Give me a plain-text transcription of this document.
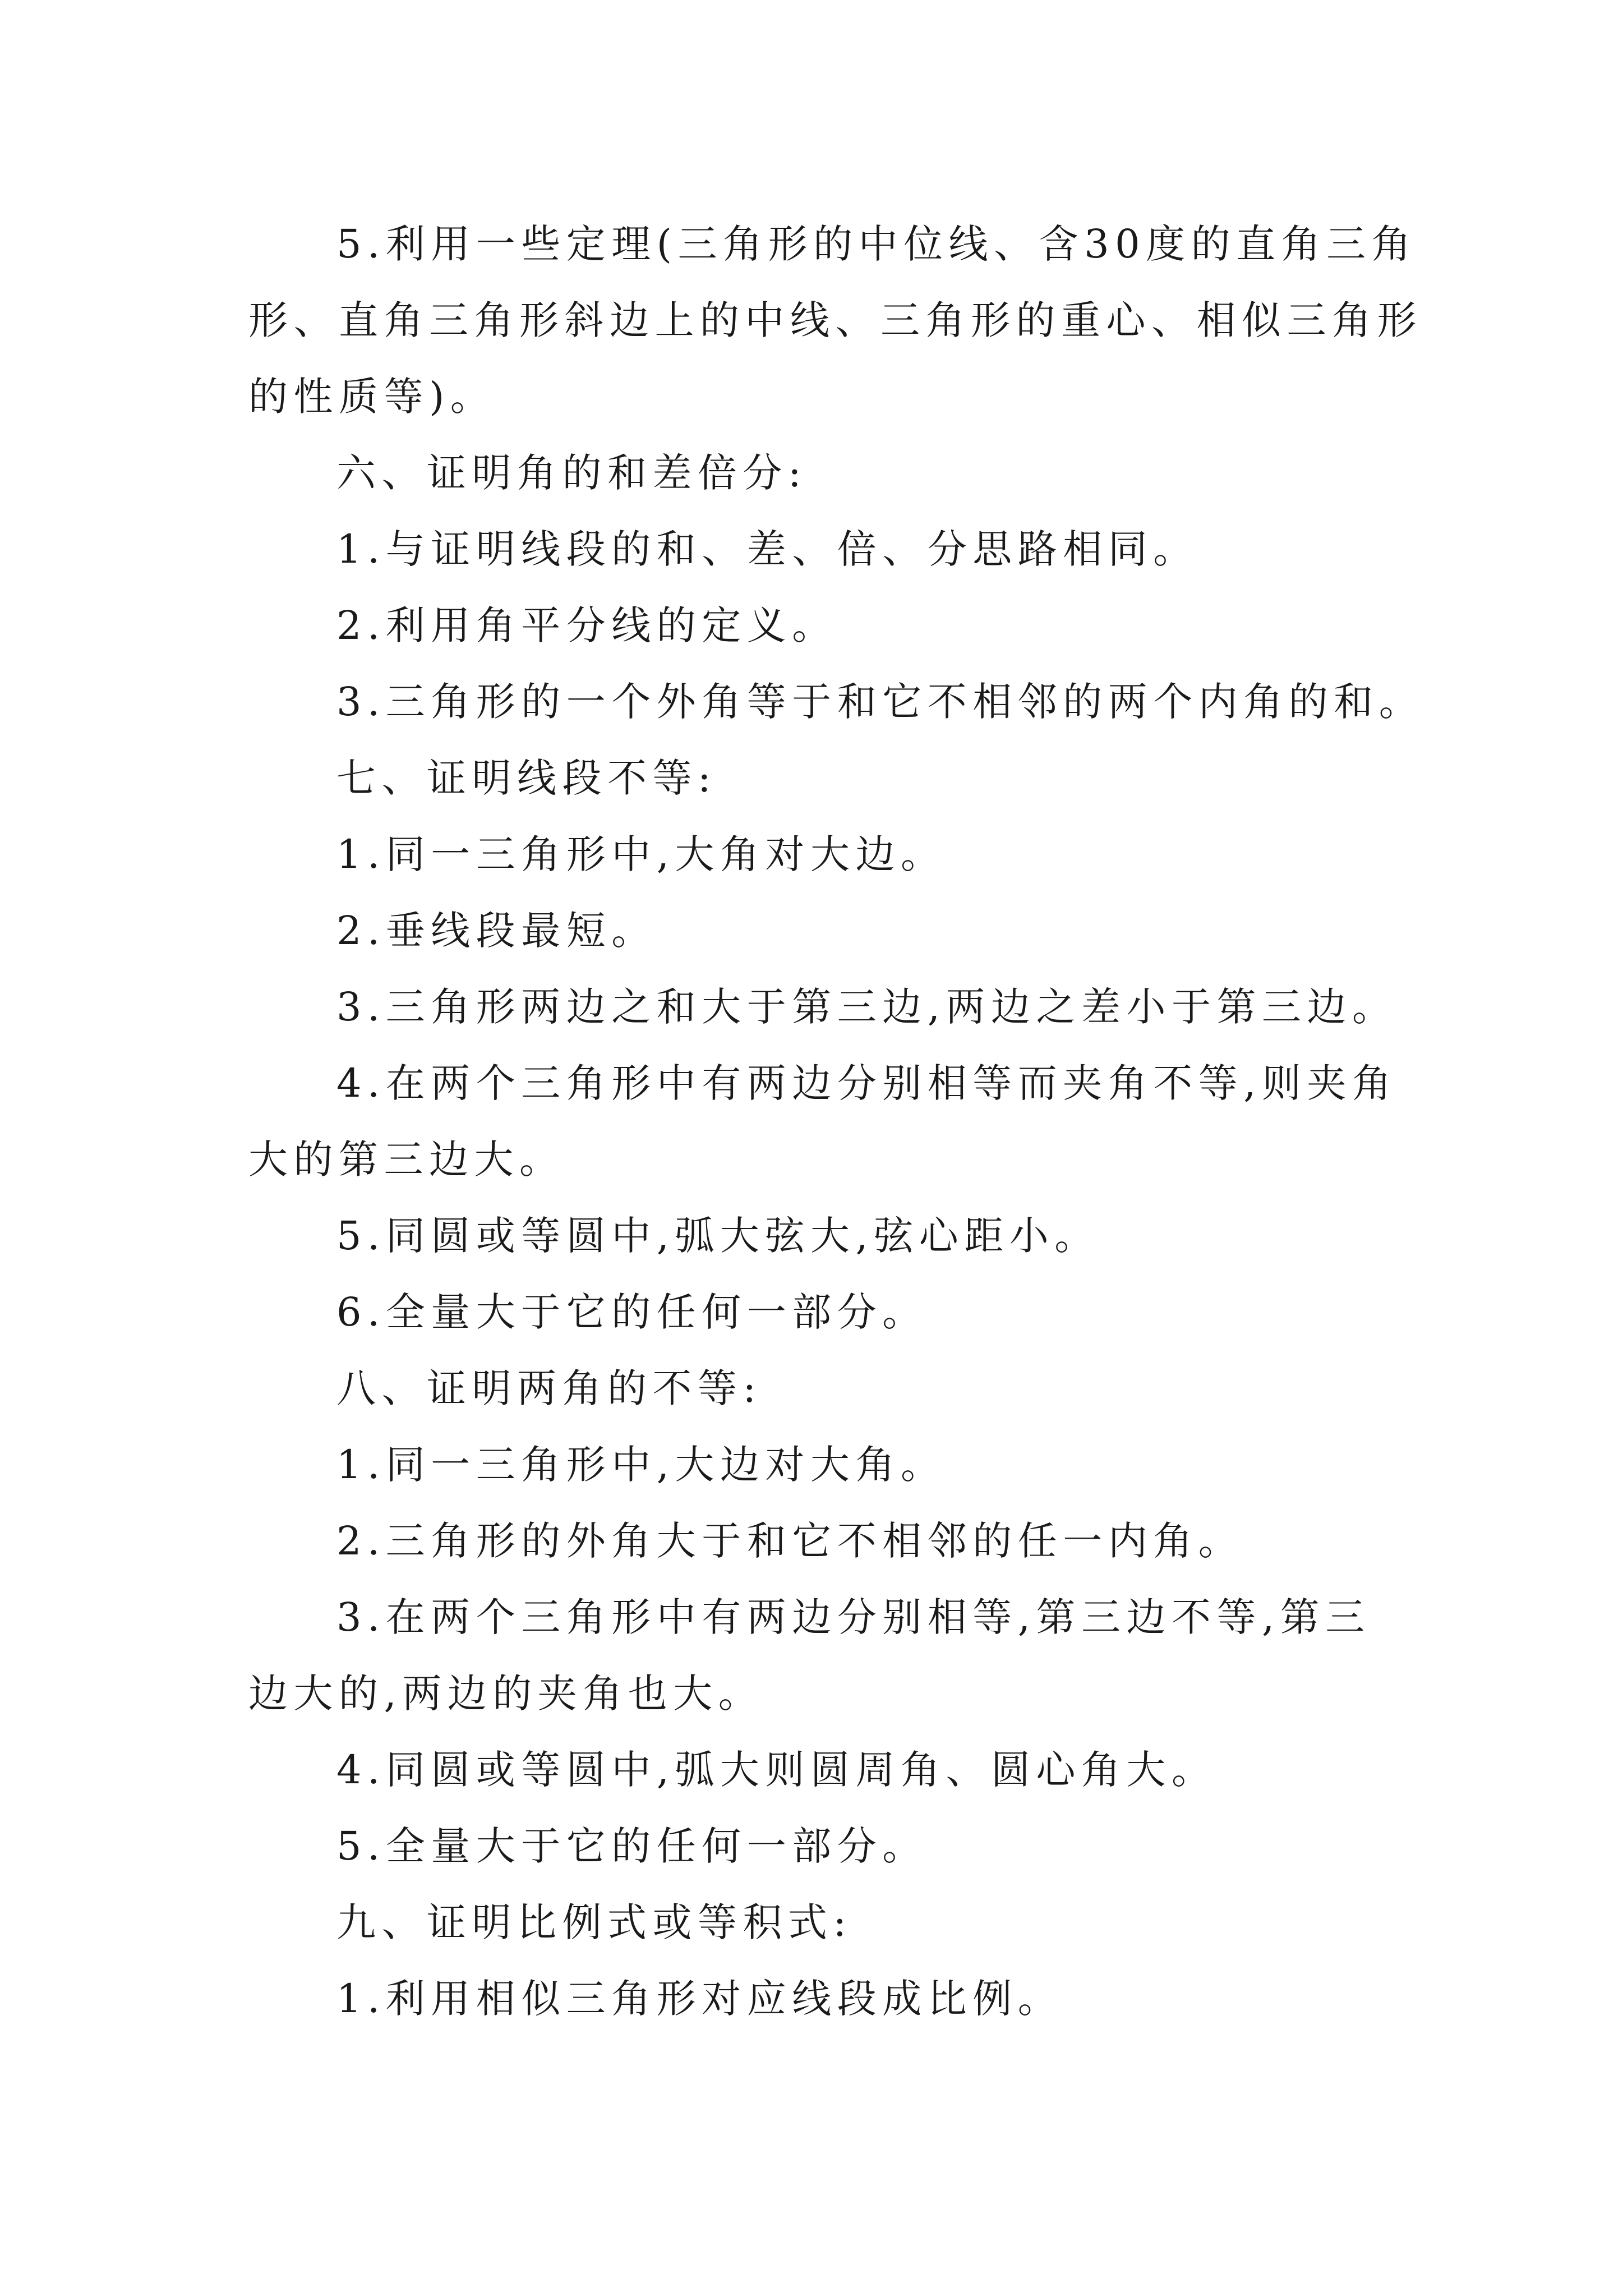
5.利用一些定理(三角形的中位线、含30度的直角三角
形、直角三角形斜边上的中线、三角形的重心、相似三角形
的性质等)。
六、证明角的和差倍分:
1.与证明线段的和、差、倍、分思路相同。
2.利用角平分线的定义。
3.三角形的一个外角等于和它不相邻的两个内角的和。
七、证明线段不等:
1.同一三角形中,大角对大边。
2.垂线段最短。
3.三角形两边之和大于第三边,两边之差小于第三边。
4.在两个三角形中有两边分别相等而夹角不等,则夹角
大的第三边大。
5.同圆或等圆中,弧大弦大,弦心距小。
6.全量大于它的任何一部分。
八、证明两角的不等:
1.同一三角形中,大边对大角。
2.三角形的外角大于和它不相邻的任一内角。
3.在两个三角形中有两边分别相等,第三边不等,第三
边大的,两边的夹角也大。
4.同圆或等圆中,弧大则圆周角、圆心角大。
5.全量大于它的任何一部分。
九、证明比例式或等积式:
1.利用相似三角形对应线段成比例。
